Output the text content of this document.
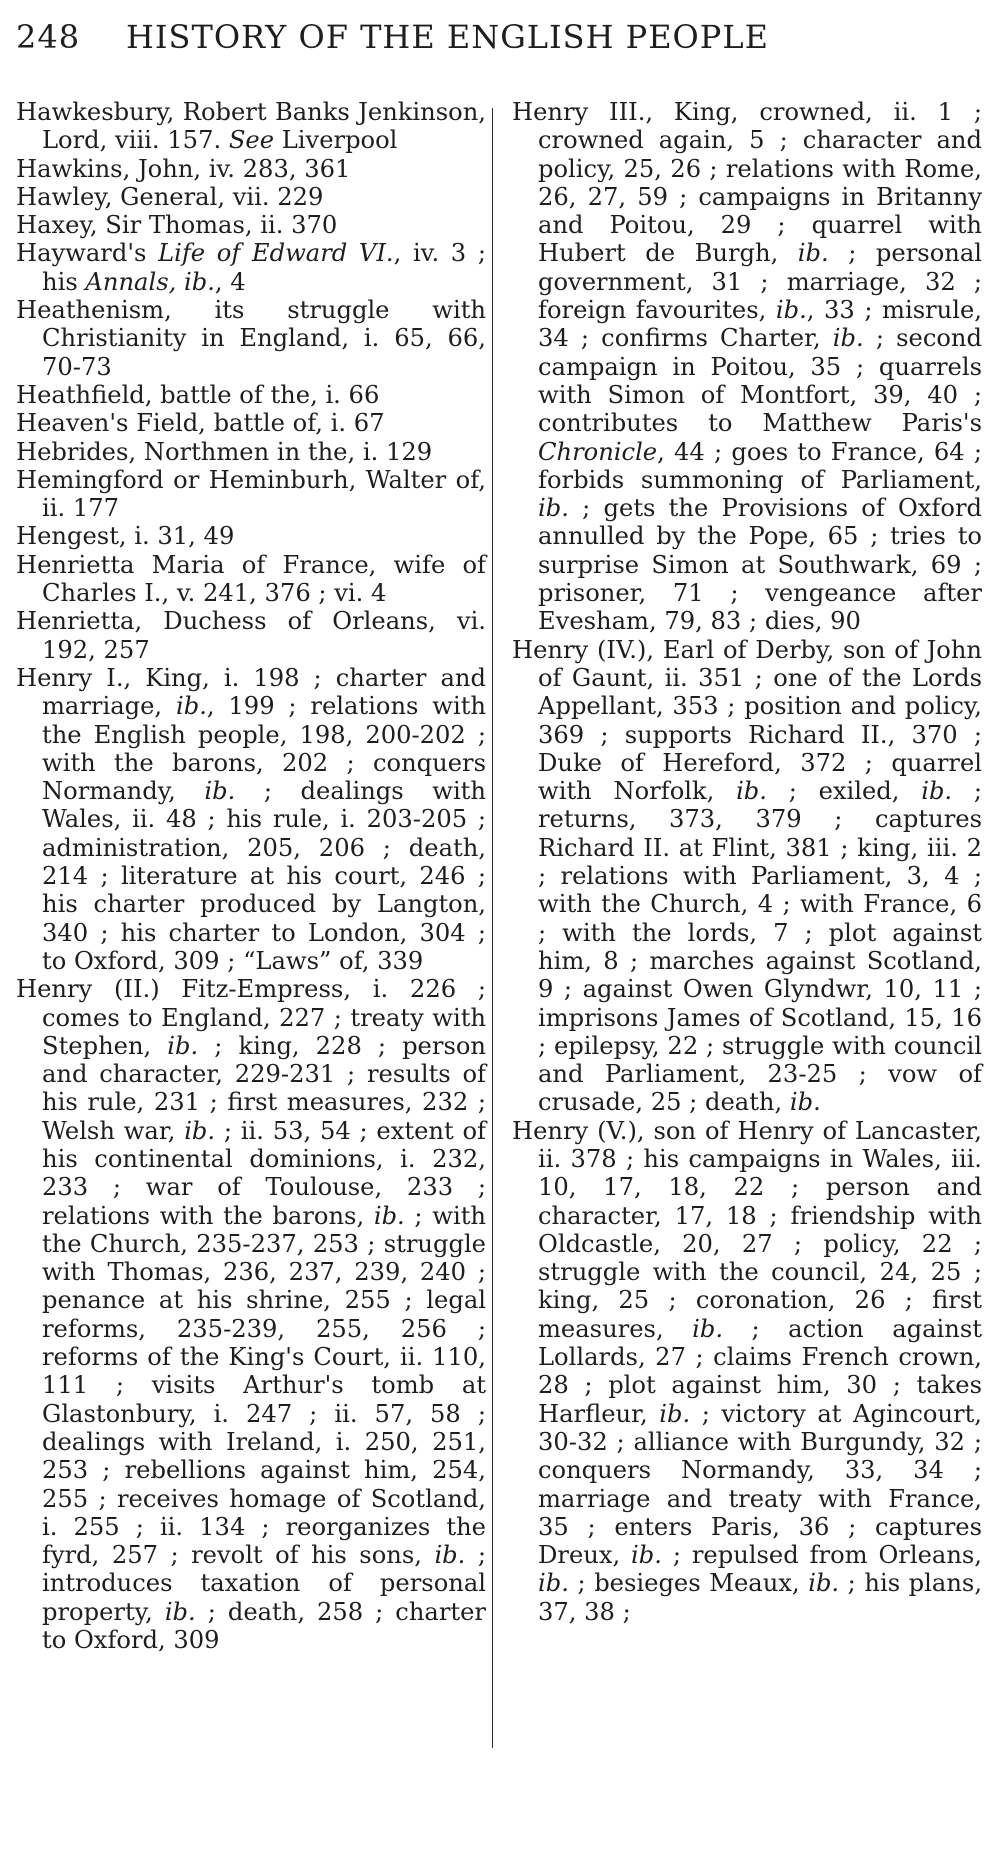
248 HISTORY OF THE ENGLISH PEOPLE

Hawkesbury, Robert Banks Jenkinson, Lord, viii. 157. See Liverpool

Hawkins, John, iv. 283, 361

Hawley, General, vii. 229

Haxey, Sir Thomas, ii. 370

Hayward's Life of Edward VI., iv. 3 ; his Annals, ib., 4

Heathenism, its struggle with Christianity in England, i. 65, 66, 70-73

Heathfield, battle of the, i. 66

Heaven's Field, battle of, i. 67

Hebrides, Northmen in the, i. 129

Hemingford or Heminburh, Walter of, ii. 177

Hengest, i. 31, 49

Henrietta Maria of France, wife of Charles I., v. 241, 376 ; vi. 4

Henrietta, Duchess of Orleans, vi. 192, 257

Henry I., King, i. 198 ; charter and marriage, ib., 199 ; relations with the English people, 198, 200-202 ; with the barons, 202 ; conquers Normandy, ib. ; dealings with Wales, ii. 48 ; his rule, i. 203-205 ; administration, 205, 206 ; death, 214 ; literature at his court, 246 ; his charter produced by Langton, 340 ; his charter to London, 304 ; to Oxford, 309 ; “Laws” of, 339

Henry (II.) Fitz-Empress, i. 226 ; comes to England, 227 ; treaty with Stephen, ib. ; king, 228 ; person and character, 229-231 ; results of his rule, 231 ; first measures, 232 ; Welsh war, ib. ; ii. 53, 54 ; extent of his continental dominions, i. 232, 233 ; war of Toulouse, 233 ; relations with the barons, ib. ; with the Church, 235-237, 253 ; struggle with Thomas, 236, 237, 239, 240 ; penance at his shrine, 255 ; legal reforms, 235-239, 255, 256 ; reforms of the King's Court, ii. 110, 111 ; visits Arthur's tomb at Glastonbury, i. 247 ; ii. 57, 58 ; dealings with Ireland, i. 250, 251, 253 ; rebellions against him, 254, 255 ; receives homage of Scotland, i. 255 ; ii. 134 ; reorganizes the fyrd, 257 ; revolt of his sons, ib. ; introduces taxation of personal property, ib. ; death, 258 ; charter to Oxford, 309

Henry III., King, crowned, ii. 1 ; crowned again, 5 ; character and policy, 25, 26 ; relations with Rome, 26, 27, 59 ; campaigns in Britanny and Poitou, 29 ; quarrel with Hubert de Burgh, ib. ; personal government, 31 ; marriage, 32 ; foreign favourites, ib., 33 ; misrule, 34 ; confirms Charter, ib. ; second campaign in Poitou, 35 ; quarrels with Simon of Montfort, 39, 40 ; contributes to Matthew Paris's Chronicle, 44 ; goes to France, 64 ; forbids summoning of Parliament, ib. ; gets the Provisions of Oxford annulled by the Pope, 65 ; tries to surprise Simon at Southwark, 69 ; prisoner, 71 ; vengeance after Evesham, 79, 83 ; dies, 90

Henry (IV.), Earl of Derby, son of John of Gaunt, ii. 351 ; one of the Lords Appellant, 353 ; position and policy, 369 ; supports Richard II., 370 ; Duke of Hereford, 372 ; quarrel with Norfolk, ib. ; exiled, ib. ; returns, 373, 379 ; captures Richard II. at Flint, 381 ; king, iii. 2 ; relations with Parliament, 3, 4 ; with the Church, 4 ; with France, 6 ; with the lords, 7 ; plot against him, 8 ; marches against Scotland, 9 ; against Owen Glyndwr, 10, 11 ; imprisons James of Scotland, 15, 16 ; epilepsy, 22 ; struggle with council and Parliament, 23-25 ; vow of crusade, 25 ; death, ib.

Henry (V.), son of Henry of Lancaster, ii. 378 ; his campaigns in Wales, iii. 10, 17, 18, 22 ; person and character, 17, 18 ; friendship with Oldcastle, 20, 27 ; policy, 22 ; struggle with the council, 24, 25 ; king, 25 ; coronation, 26 ; first measures, ib. ; action against Lollards, 27 ; claims French crown, 28 ; plot against him, 30 ; takes Harfleur, ib. ; victory at Agincourt, 30-32 ; alliance with Burgundy, 32 ; conquers Normandy, 33, 34 ; marriage and treaty with France, 35 ; enters Paris, 36 ; captures Dreux, ib. ; repulsed from Orleans, ib. ; besieges Meaux, ib. ; his plans, 37, 38 ;
